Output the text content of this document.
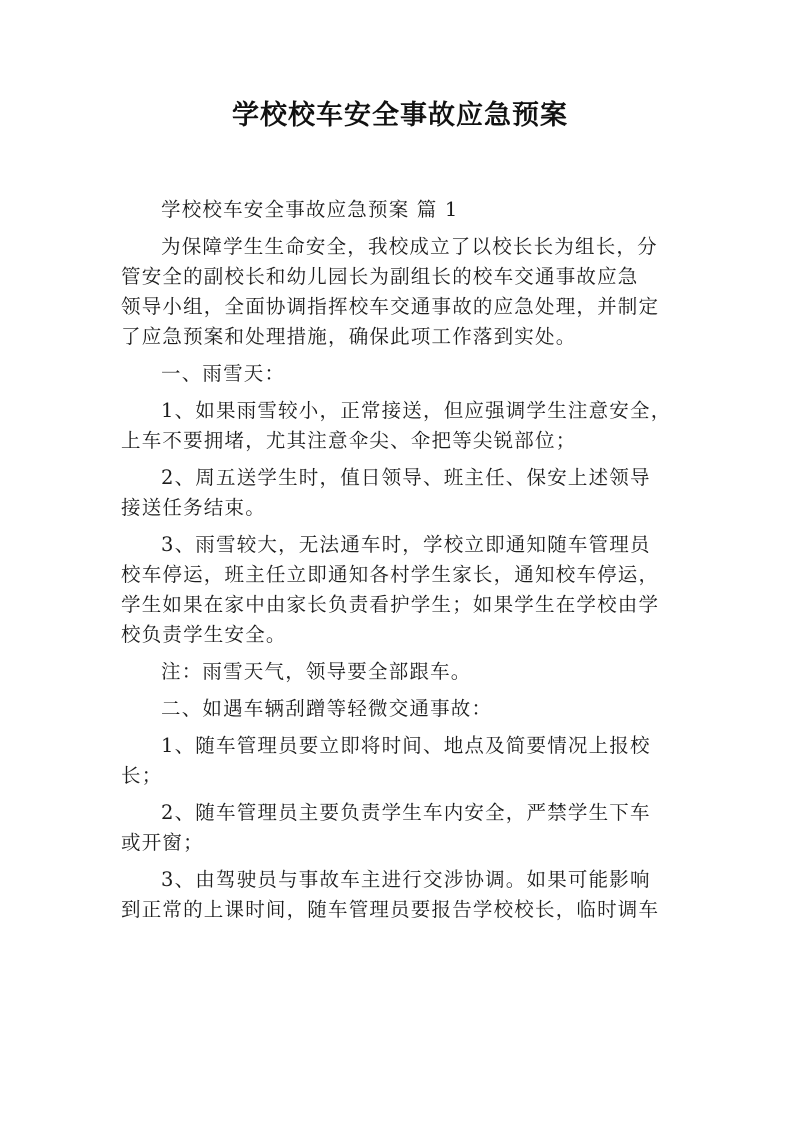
学校校车安全事故应急预案

学校校车安全事故应急预案 篇 1

为保障学生生命安全，我校成立了以校长长为组长，分
管安全的副校长和幼儿园长为副组长的校车交通事故应急
领导小组，全面协调指挥校车交通事故的应急处理，并制定
了应急预案和处理措施，确保此项工作落到实处。

一、雨雪天：

1、如果雨雪较小，正常接送，但应强调学生注意安全，
上车不要拥堵，尤其注意伞尖、伞把等尖锐部位；

2、周五送学生时，值日领导、班主任、保安上述领导
接送任务结束。

3、雨雪较大，无法通车时，学校立即通知随车管理员
校车停运，班主任立即通知各村学生家长，通知校车停运，
学生如果在家中由家长负责看护学生；如果学生在学校由学
校负责学生安全。

注：雨雪天气，领导要全部跟车。

二、如遇车辆刮蹭等轻微交通事故：

1、随车管理员要立即将时间、地点及简要情况上报校
长；

2、随车管理员主要负责学生车内安全，严禁学生下车
或开窗；

3、由驾驶员与事故车主进行交涉协调。如果可能影响
到正常的上课时间，随车管理员要报告学校校长，临时调车
